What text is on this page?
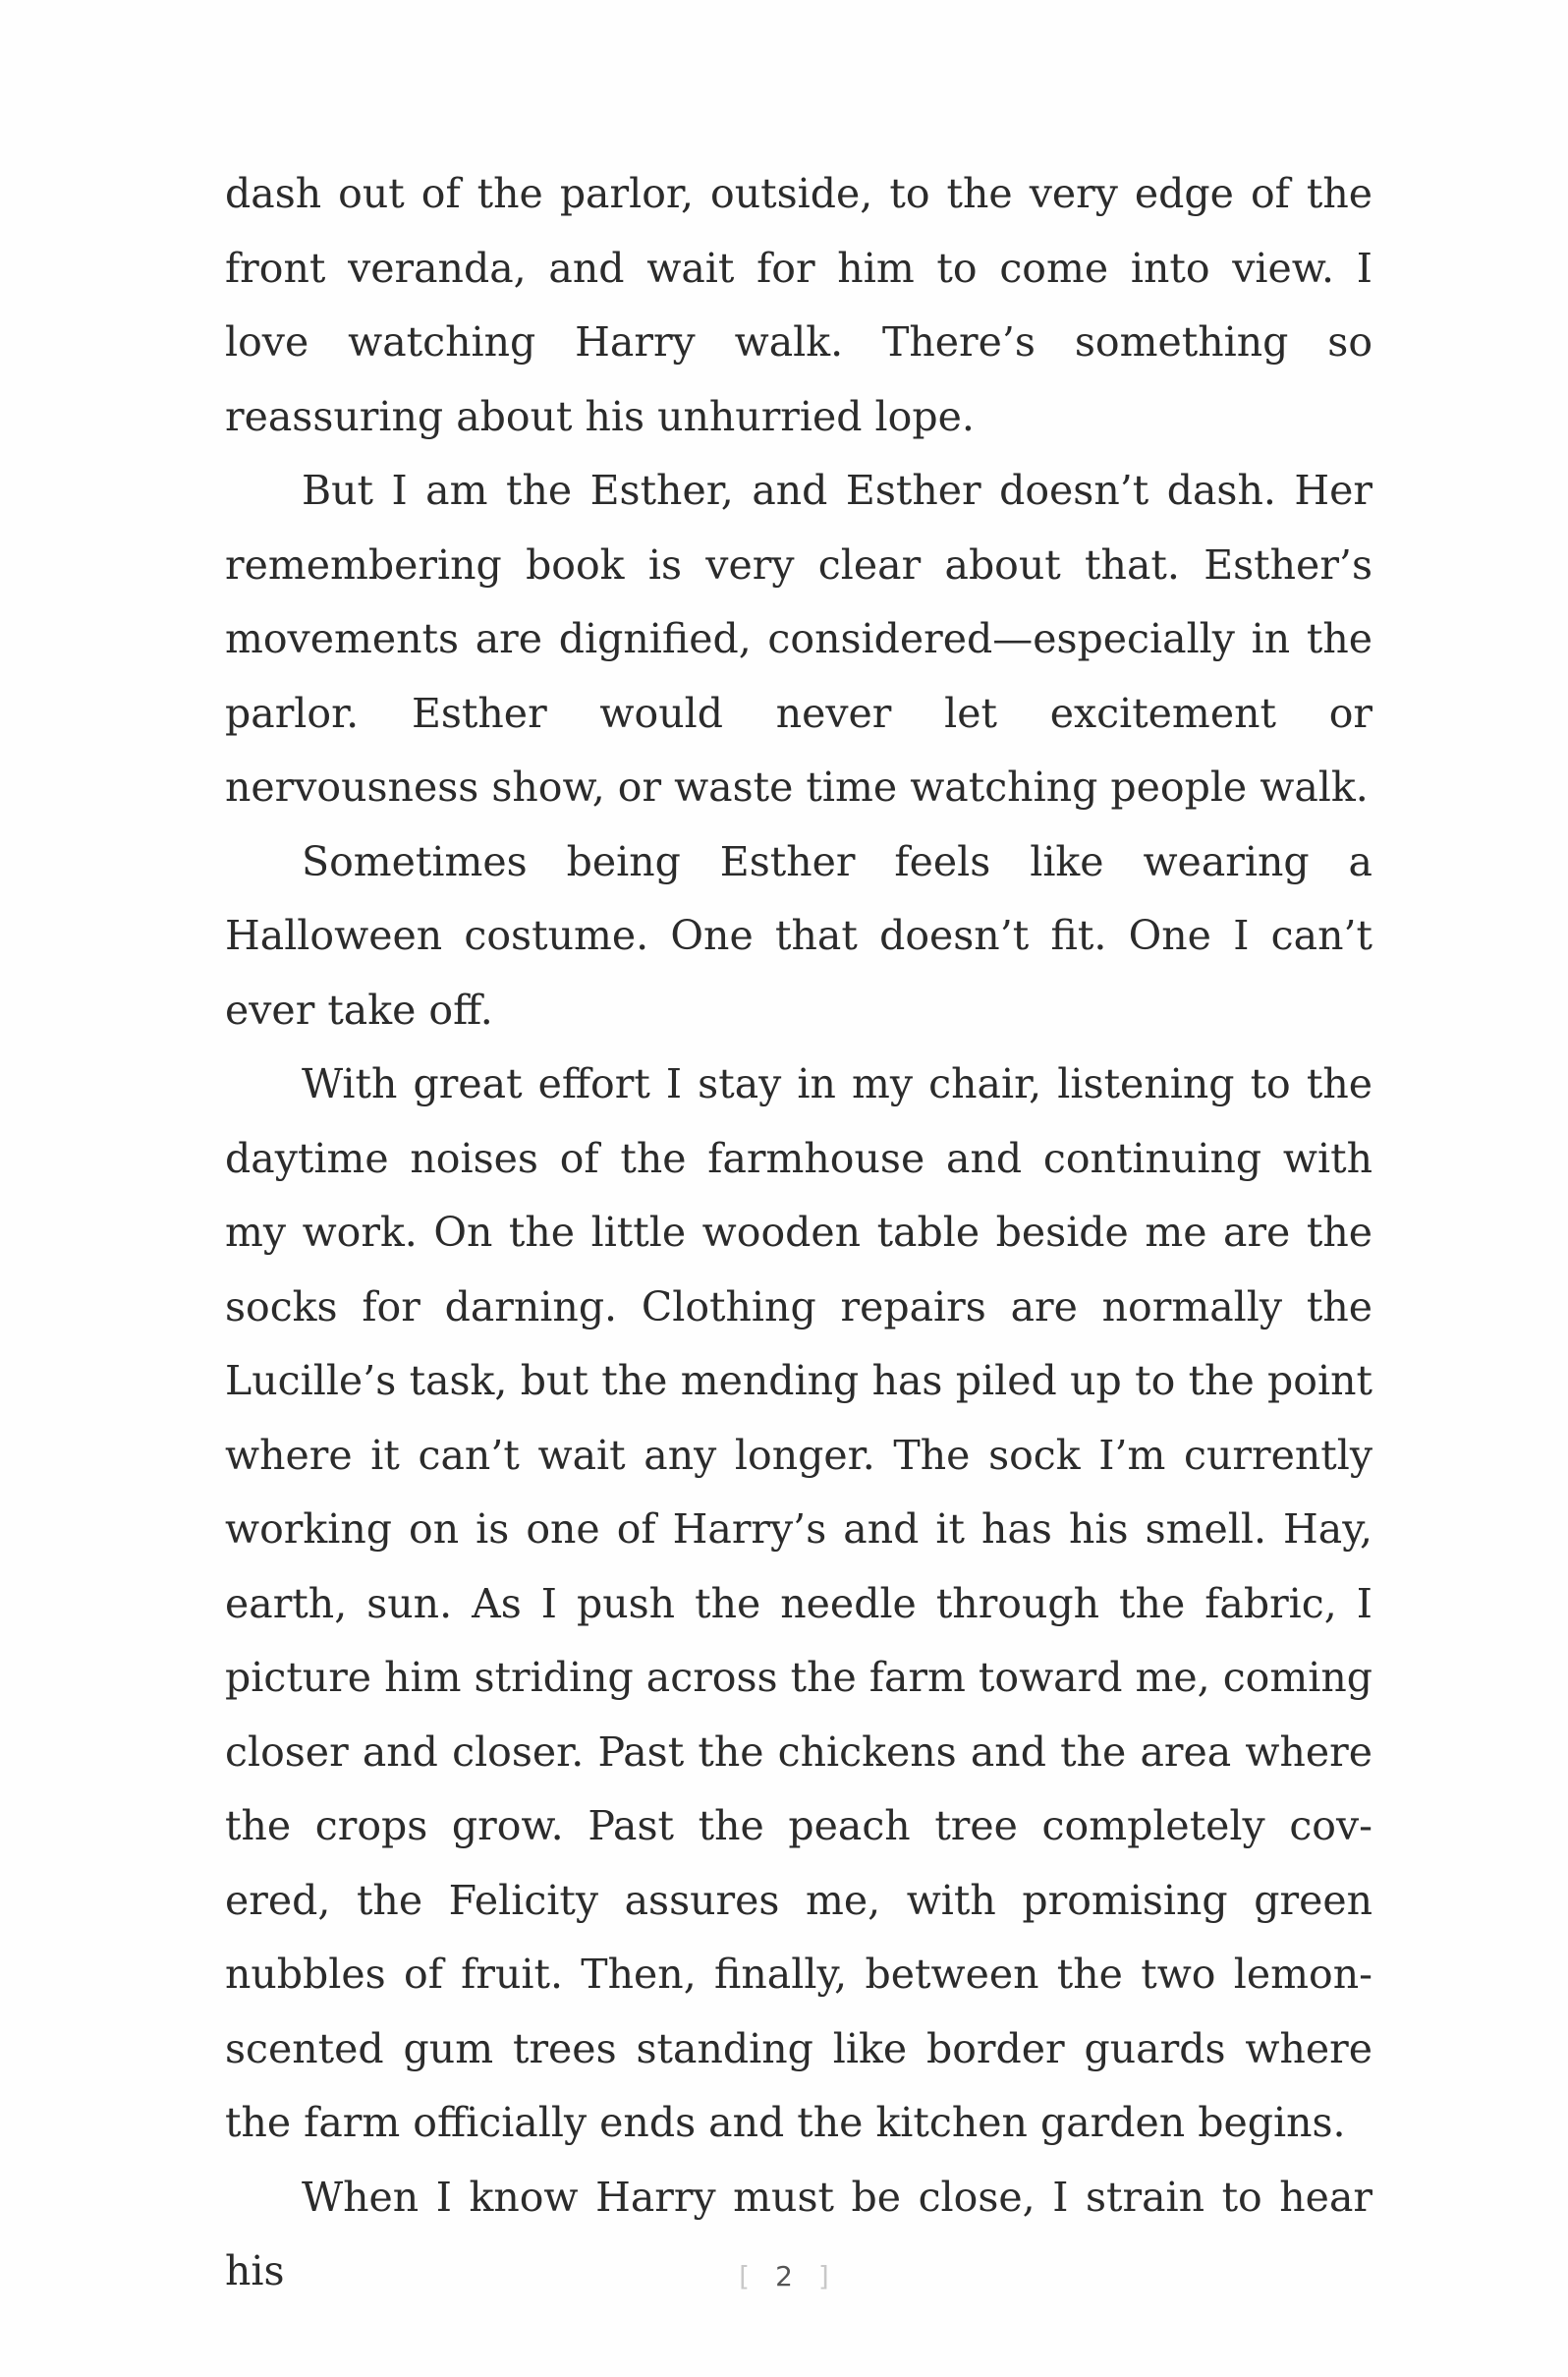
dash out of the parlor, outside, to the very edge of the front veranda, and wait for him to come into view. I love watching Harry walk. There’s something so reassuring about his unhurried lope.

But I am the Esther, and Esther doesn’t dash. Her remembering book is very clear about that. Esther’s movements are dignified, considered—especially in the parlor. Esther would never let excitement or nervousness show, or waste time watching people walk.

Sometimes being Esther feels like wearing a Halloween costume. One that doesn’t fit. One I can’t ever take off.

With great effort I stay in my chair, listening to the daytime noises of the farmhouse and continuing with my work. On the little wooden table beside me are the socks for darning. Clothing repairs are normally the Lucille’s task, but the mending has piled up to the point where it can’t wait any longer. The sock I’m currently working on is one of Harry’s and it has his smell. Hay, earth, sun. As I push the needle through the fabric, I picture him striding across the farm toward me, coming closer and closer. Past the chickens and the area where the crops grow. Past the peach tree completely covered, the Felicity assures me, with promising green nubbles of fruit. Then, finally, between the two lemon-scented gum trees standing like border guards where the farm officially ends and the kitchen garden begins.

When I know Harry must be close, I strain to hear his	[ 2 ]
